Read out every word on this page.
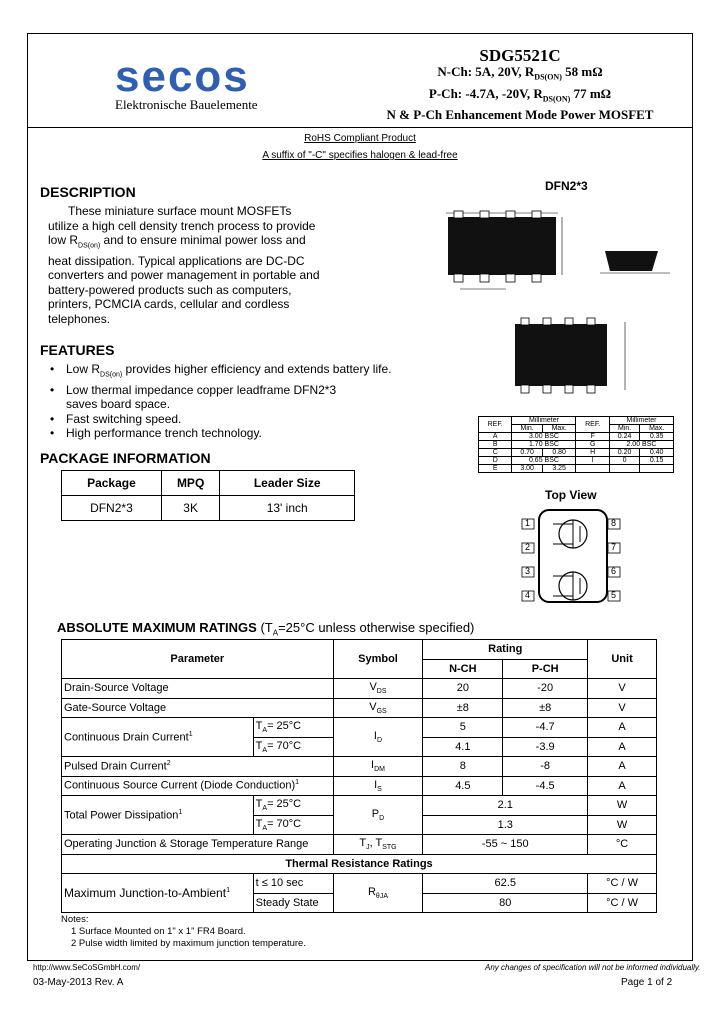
secos
Elektronische Bauelemente
SDG5521C
N-Ch: 5A, 20V, $R_{DS(ON)}$ 58 mΩ
P-Ch: -4.7A, -20V, $R_{DS(ON)}$ 77 mΩ
N & P-Ch Enhancement Mode Power MOSFET
RoHS Compliant Product
A suffix of "-C" specifies halogen & lead-free
DESCRIPTION
These miniature surface mount MOSFETs utilize a high cell density trench process to provide low $R_{DS(on)}$ and to ensure minimal power loss and heat dissipation. Typical applications are DC-DC converters and power management in portable and battery-powered products such as computers, printers, PCMCIA cards, cellular and cordless telephones.
FEATURES
• Low $R_{DS(on)}$ provides higher efficiency and extends battery life.
• Low thermal impedance copper leadframe DFN2*3
saves board space.
• Fast switching speed.
• High performance trench technology.
PACKAGE INFORMATION
Package	MPQ	Leader Size
DFN2*3	3K	13' inch
DFN2*3
REF.	Millimeter		REF.	Millimeter	
	Min.	Max.		Min.	Max.
A	3.00 BSC		F	0.24	0.35
B	1.70 BSC		G	2.00 BSC	
C	0.70	0.80	H	0.20	0.40
D	0.65 BSC		I	0	0.15
E	3.00	3.25			
Top View
1
2
3
4
8
7
6
5
ABSOLUTE MAXIMUM RATINGS ($T_A=25^\circ C$ unless otherwise specified)
Parameter		Symbol	Rating		Unit
			N-CH	P-CH	
Drain-Source Voltage		$V_{DS}$	20	-20	V
Gate-Source Voltage		$V_{GS}$	±8	±8	V
Continuous Drain Current$^1$	$T_A= 25^\circ C$	$I_D$	5	-4.7	A
	$T_A= 70^\circ C$		4.1	-3.9	A
Pulsed Drain Current$^2$		$I_{DM}$	8	-8	A
Continuous Source Current (Diode Conduction)$^1$		$I_S$	4.5	-4.5	A
Total Power Dissipation$^1$	$T_A= 25^\circ C$	$P_D$	2.1		W
	$T_A= 70^\circ C$		1.3		W
Operating Junction & Storage Temperature Range		$T_J$, $T_{STG}$	-55 ~ 150		°C
Thermal Resistance Ratings					
Maximum Junction-to-Ambient$^1$	t ≤ 10 sec	$R_{\theta JA}$	62.5		°C / W
	Steady State		80		°C / W
Notes:
1 Surface Mounted on 1" x 1" FR4 Board.
2 Pulse width limited by maximum junction temperature.
http://www.SeCoSGmbH.com/	Any changes of specification will not be informed individually.
03-May-2013 Rev. A	Page 1 of 2
